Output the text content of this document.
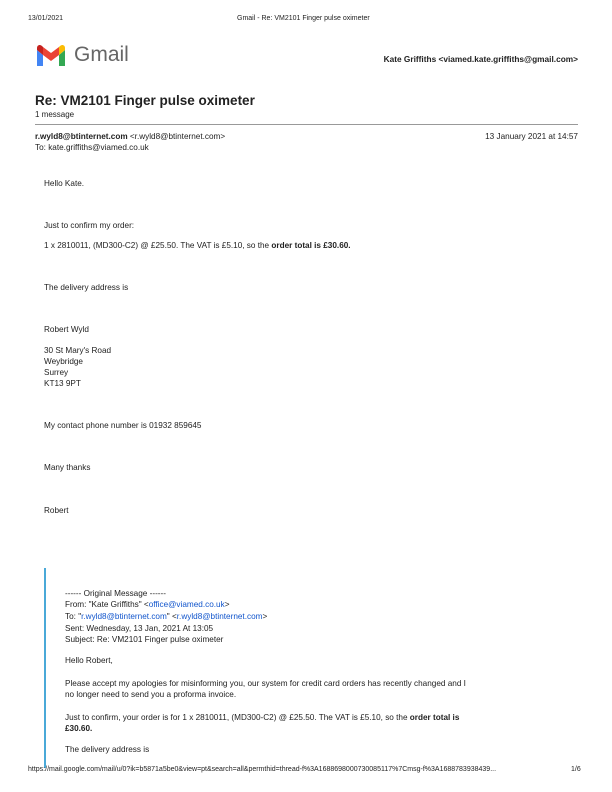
13/01/2021	Gmail - Re: VM2101 Finger pulse oximeter
Gmail	Kate Griffiths <viamed.kate.griffiths@gmail.com>
Re: VM2101 Finger pulse oximeter
1 message
r.wyld8@btinternet.com <r.wyld8@btinternet.com>	13 January 2021 at 14:57
To: kate.griffiths@viamed.co.uk
Hello Kate.
Just to confirm my order:
1 x 2810011, (MD300-C2) @ £25.50. The VAT is £5.10, so the order total is £30.60.
The delivery address is
Robert Wyld
30 St Mary's Road
Weybridge
Surrey
KT13 9PT
My contact phone number is 01932 859645
Many thanks
Robert
------ Original Message ------
From: "Kate Griffiths" <office@viamed.co.uk>
To: "r.wyld8@btinternet.com" <r.wyld8@btinternet.com>
Sent: Wednesday, 13 Jan, 2021 At 13:05
Subject: Re: VM2101 Finger pulse oximeter
Hello Robert,
Please accept my apologies for misinforming you, our system for credit card orders has recently changed and I
no longer need to send you a proforma invoice.
Just to confirm, your order is for 1 x 2810011, (MD300-C2) @ £25.50. The VAT is £5.10, so the order total is
£30.60.
The delivery address is
https://mail.google.com/mail/u/0?ik=b5871a5be0&view=pt&search=all&permthid=thread-f%3A1688698000730085117%7Cmsg-f%3A1688783938439...	1/6
